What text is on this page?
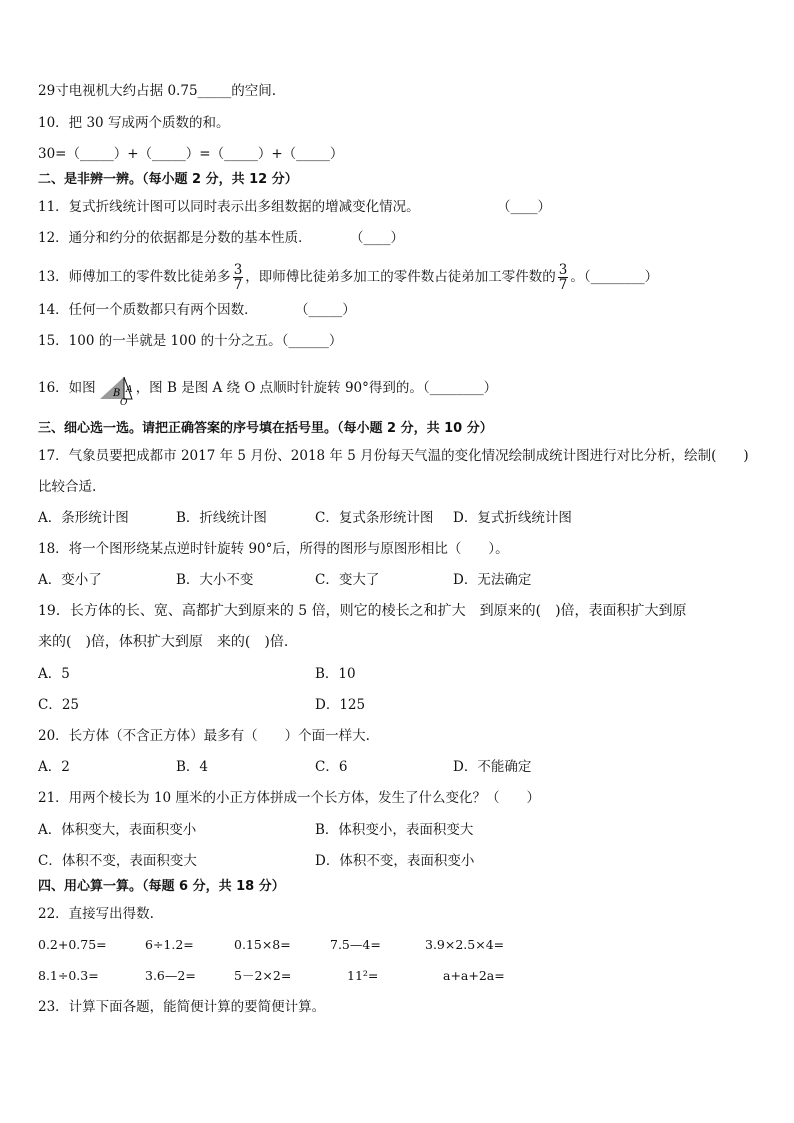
29寸电视机大约占据 0.75_____的空间.
10．把 30 写成两个质数的和。
30=（_____）+（_____）=（_____）+（_____）
二、是非辨一辨。（每小题 2 分，共 12 分）
11．复式折线统计图可以同时表示出多组数据的增减变化情况。	（____）
12．通分和约分的依据都是分数的基本性质．	（____）
13．师傅加工的零件数比徒弟多 $\frac{3}{7}$ ，即师傅比徒弟多加工的零件数占徒弟加工零件数的 $\frac{3}{7}$ 。（________）
14．任何一个质数都只有两个因数．	（_____）
15．100 的一半就是 100 的十分之五。（______）
16．如图 B A
O
，图 B 是图 A 绕 O 点顺时针旋转 90°得到的。（________）
三、细心选一选。请把正确答案的序号填在括号里。（每小题 2 分，共 10 分）
17．气象员要把成都市 2017 年 5 月份、2018 年 5 月份每天气温的变化情况绘制成统计图进行对比分析，绘制(　　)
比较合适.
A．条形统计图	B．折线统计图	C．复式条形统计图 D．复式折线统计图
18．将一个图形绕某点逆时针旋转 90°后，所得的图形与原图形相比（　　）。
A．变小了	B．大小不变	C．变大了	D．无法确定
19．长方体的长、宽、高都扩大到原来的 5 倍，则它的棱长之和扩大　到原来的(　)倍，表面积扩大到原
来的(　)倍，体积扩大到原　来的(　)倍.
A．5	B．10
C．25	D．125
20．长方体（不含正方体）最多有（　　）个面一样大.
A．2	B．4	C．6	D．不能确定
21．用两个棱长为 10 厘米的小正方体拼成一个长方体，发生了什么变化？（　　）
A．体积变大，表面积变小	B．体积变小，表面积变大
C．体积不变，表面积变大	D．体积不变，表面积变小
四、用心算一算。（每题 6 分，共 18 分）
22．直接写出得数.
0.2+0.75=	6÷1.2=	0.15×8=	7.5—4=	3.9×2.5×4=
8.1÷0.3=	3.6—2=	5－2×2=	11²=	a+a+2a=
23．计算下面各题，能简便计算的要简便计算。
